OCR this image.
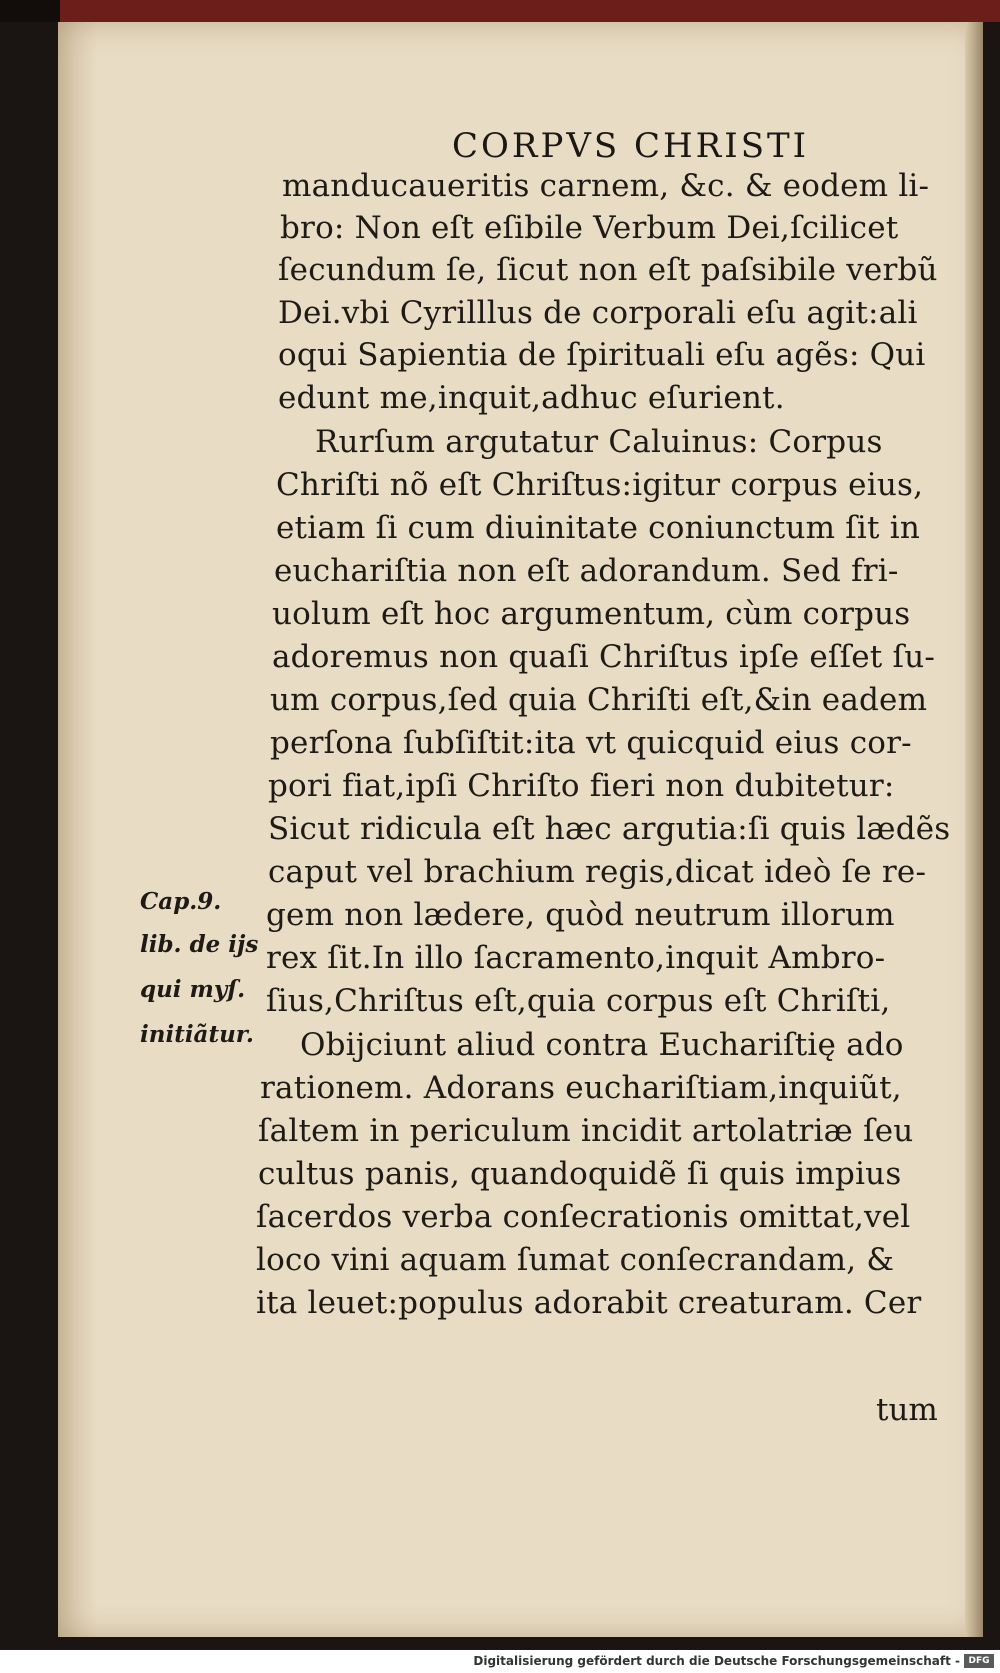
CORPVS CHRISTI
manducaueritis carnem, &c. & eodem li-
bro: Non eſt eſibile Verbum Dei,ſcilicet
ſecundum ſe, ſicut non eſt paſsibile verbũ
Dei.vbi Cyrilllus de corporali eſu agit:ali
oqui Sapientia de ſpirituali eſu agẽs: Qui
edunt me,inquit,adhuc eſurient.
Rurſum argutatur Caluinus: Corpus
Chriſti nõ eſt Chriſtus:igitur corpus eius,
etiam ſi cum diuinitate coniunctum ſit in
euchariſtia non eſt adorandum. Sed fri-
uolum eſt hoc argumentum, cùm corpus
adoremus non quaſi Chriſtus ipſe eſſet ſu-
um corpus,ſed quia Chriſti eſt,&in eadem
perſona ſubſiſtit:ita vt quicquid eius cor-
pori fiat,ipſi Chriſto fieri non dubitetur:
Sicut ridicula eſt hæc argutia:ſi quis lædẽs
caput vel brachium regis,dicat ideò ſe re-
gem non lædere, quòd neutrum illorum
rex ſit.In illo ſacramento,inquit Ambro-
ſius,Chriſtus eſt,quia corpus eſt Chriſti,
Obijciunt aliud contra Euchariſtię ado
rationem. Adorans euchariſtiam,inquiũt,
ſaltem in periculum incidit artolatriæ ſeu
cultus panis, quandoquidẽ ſi quis impius
ſacerdos verba conſecrationis omittat,vel
loco vini aquam ſumat conſecrandam, &
ita leuet:populus adorabit creaturam. Cer
tum
Cap.9.
lib. de ijs
qui myſ.
initiãtur.
Digitalisierung gefördert durch die Deutsche Forschungsgemeinschaft - DFG
